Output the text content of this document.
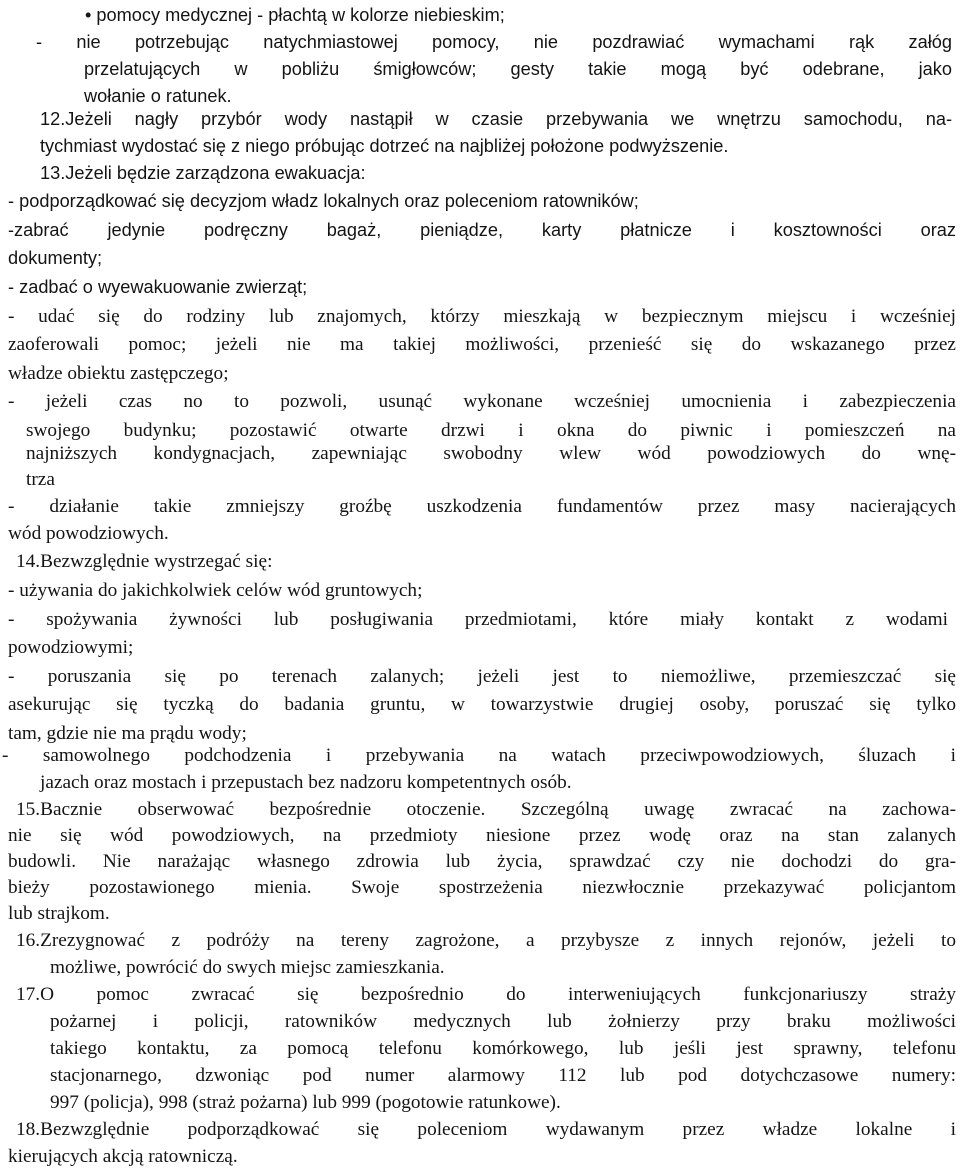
• pomocy medycznej - płachtą w kolorze niebieskim;
- nie potrzebując natychmiastowej pomocy, nie pozdrawiać wymachami rąk załóg
przelatujących w pobliżu śmigłowców; gesty takie mogą być odebrane, jako
wołanie o ratunek.
12.Jeżeli nagły przybór wody nastąpił w czasie przebywania we wnętrzu samochodu, na-
tychmiast wydostać się z niego próbując dotrzeć na najbliżej położone podwyższenie.
13.Jeżeli będzie zarządzona ewakuacja:
- podporządkować się decyzjom władz lokalnych oraz poleceniom ratowników;
-zabrać jedynie podręczny bagaż, pieniądze, karty płatnicze i kosztowności oraz
dokumenty;
- zadbać o wyewakuowanie zwierząt;
- udać się do rodziny lub znajomych, którzy mieszkają w bezpiecznym miejscu i wcześniej
zaoferowali pomoc; jeżeli nie ma takiej możliwości, przenieść się do wskazanego przez
władze obiektu zastępczego;
- jeżeli czas no to pozwoli, usunąć wykonane wcześniej umocnienia i zabezpieczenia
swojego budynku; pozostawić otwarte drzwi i okna do piwnic i pomieszczeń na
najniższych kondygnacjach, zapewniając swobodny wlew wód powodziowych do wnę-
trza
- działanie takie zmniejszy groźbę uszkodzenia fundamentów przez masy nacierających
wód powodziowych.
14.Bezwzględnie wystrzegać się:
- używania do jakichkolwiek celów wód gruntowych;
- spożywania żywności lub posługiwania przedmiotami, które miały kontakt z wodami
powodziowymi;
- poruszania się po terenach zalanych; jeżeli jest to niemożliwe, przemieszczać się
asekurując się tyczką do badania gruntu, w towarzystwie drugiej osoby, poruszać się tylko
tam, gdzie nie ma prądu wody;
- samowolnego podchodzenia i przebywania na watach przeciwpowodziowych, śluzach i
jazach oraz mostach i przepustach bez nadzoru kompetentnych osób.
15.Bacznie obserwować bezpośrednie otoczenie. Szczególną uwagę zwracać na zachowa-
nie się wód powodziowych, na przedmioty niesione przez wodę oraz na stan zalanych
budowli. Nie narażając własnego zdrowia lub życia, sprawdzać czy nie dochodzi do gra-
bieży pozostawionego mienia. Swoje spostrzeżenia niezwłocznie przekazywać policjantom
lub strajkom.
16.Zrezygnować z podróży na tereny zagrożone, a przybysze z innych rejonów, jeżeli to
możliwe, powrócić do swych miejsc zamieszkania.
17.O pomoc zwracać się bezpośrednio do interweniujących funkcjonariuszy straży
pożarnej i policji, ratowników medycznych lub żołnierzy przy braku możliwości
takiego kontaktu, za pomocą telefonu komórkowego, lub jeśli jest sprawny, telefonu
stacjonarnego, dzwoniąc pod numer alarmowy 112 lub pod dotychczasowe numery:
997 (policja), 998 (straż pożarna) lub 999 (pogotowie ratunkowe).
18.Bezwzględnie podporządkować się poleceniom wydawanym przez władze lokalne i
kierujących akcją ratowniczą.
